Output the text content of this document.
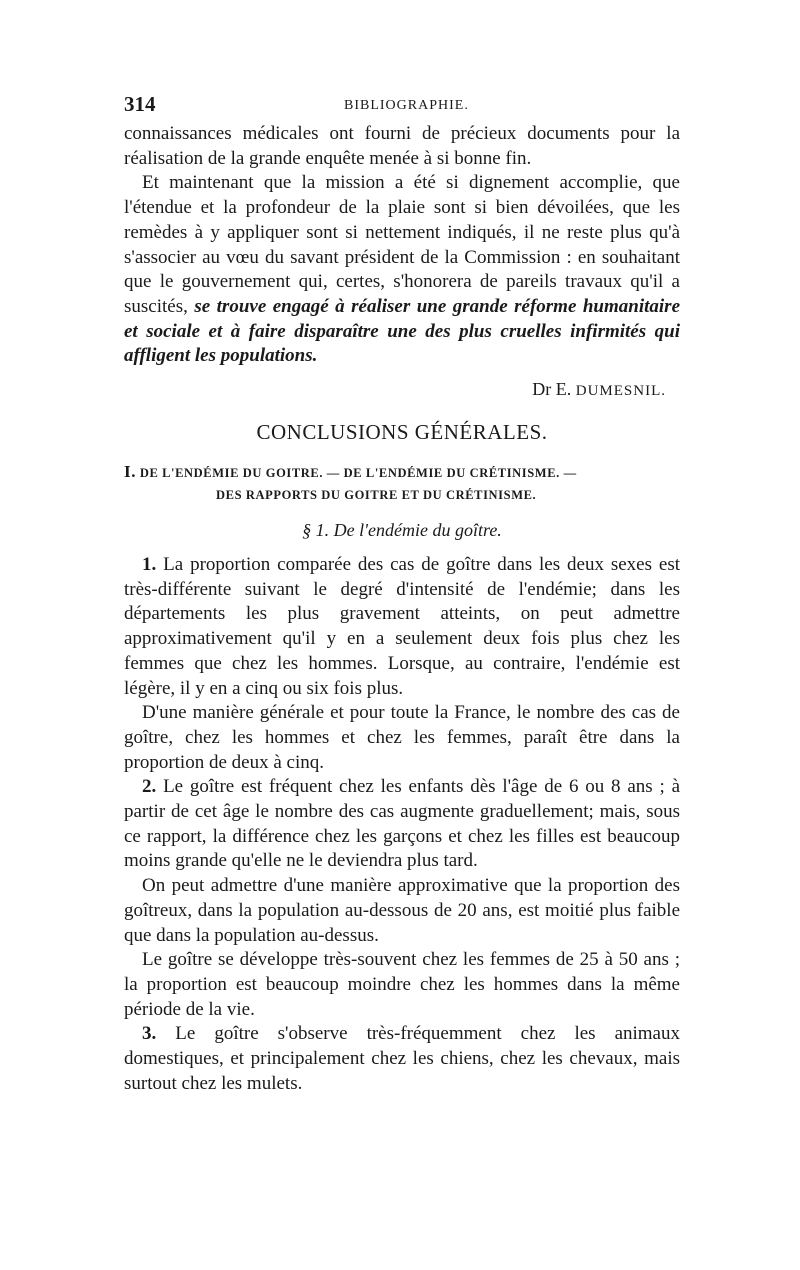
314	BIBLIOGRAPHIE.

connaissances médicales ont fourni de précieux documents pour la réalisation de la grande enquête menée à si bonne fin.

Et maintenant que la mission a été si dignement accomplie, que l'étendue et la profondeur de la plaie sont si bien dévoilées, que les remèdes à y appliquer sont si nettement indiqués, il ne reste plus qu'à s'associer au vœu du savant président de la Commission : en souhaitant que le gouvernement qui, certes, s'honorera de pareils travaux qu'il a suscités, se trouve engagé à réaliser une grande réforme humanitaire et sociale et à faire disparaître une des plus cruelles infirmités qui affligent les populations.

Dr E. DUMESNIL.
CONCLUSIONS GÉNÉRALES.
I. DE L'ENDÉMIE DU GOITRE. — DE L'ENDÉMIE DU CRÉTINISME. —
DES RAPPORTS DU GOITRE ET DU CRÉTINISME.
§ 1. De l'endémie du goître.

1. La proportion comparée des cas de goître dans les deux sexes est très-différente suivant le degré d'intensité de l'endémie; dans les départements les plus gravement atteints, on peut admettre approximativement qu'il y en a seulement deux fois plus chez les femmes que chez les hommes. Lorsque, au contraire, l'endémie est légère, il y en a cinq ou six fois plus.

D'une manière générale et pour toute la France, le nombre des cas de goître, chez les hommes et chez les femmes, paraît être dans la proportion de deux à cinq.

2. Le goître est fréquent chez les enfants dès l'âge de 6 ou 8 ans ; à partir de cet âge le nombre des cas augmente graduellement; mais, sous ce rapport, la différence chez les garçons et chez les filles est beaucoup moins grande qu'elle ne le deviendra plus tard.

On peut admettre d'une manière approximative que la proportion des goîtreux, dans la population au-dessous de 20 ans, est moitié plus faible que dans la population au-dessus.

Le goître se développe très-souvent chez les femmes de 25 à 50 ans ; la proportion est beaucoup moindre chez les hommes dans la même période de la vie.

3. Le goître s'observe très-fréquemment chez les animaux domestiques, et principalement chez les chiens, chez les chevaux, mais surtout chez les mulets.
